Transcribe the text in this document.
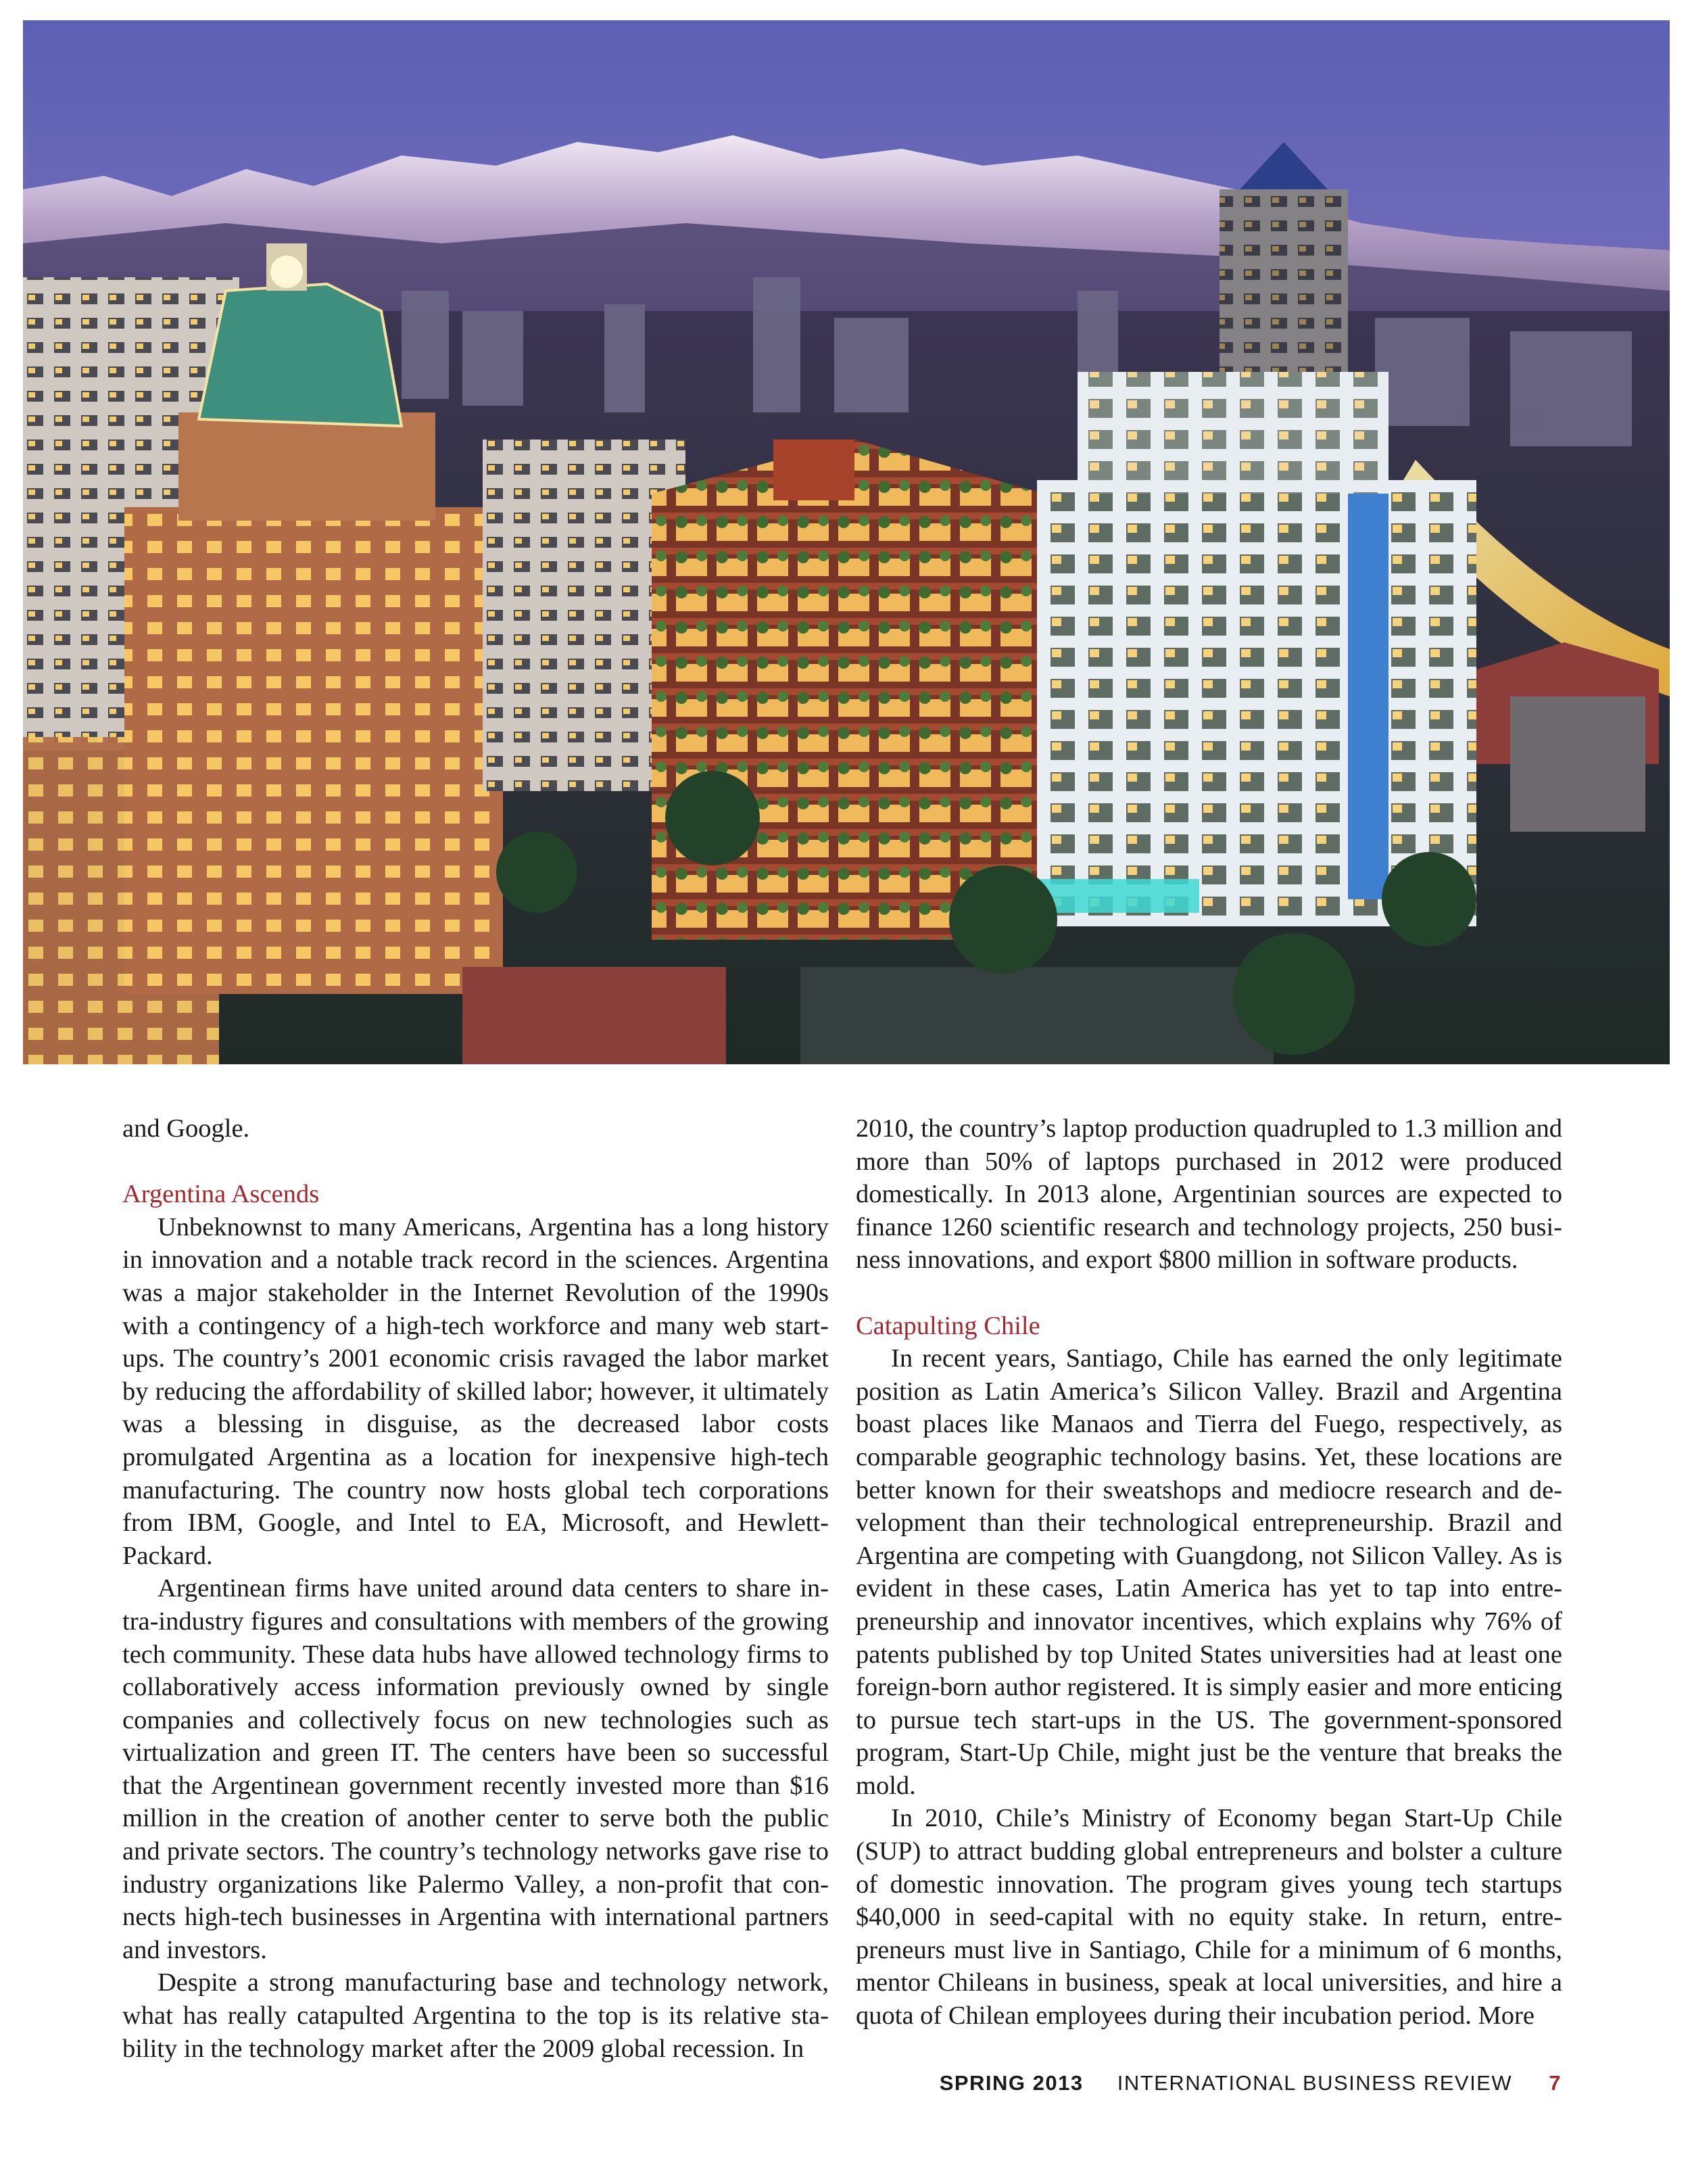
and Google.

Argentina Ascends

Unbeknownst to many Americans, Argentina has a long history in innovation and a notable track record in the sciences. Argentina was a major stakeholder in the Internet Revolution of the 1990s with a contingency of a high-tech workforce and many web startups. The country’s 2001 economic crisis ravaged the labor market by reducing the affordability of skilled labor; however, it ultimately was a blessing in disguise, as the decreased labor costs promulgated Argentina as a location for inexpensive high-tech manufacturing. The country now hosts global tech corporations from IBM, Google, and Intel to EA, Microsoft, and Hewlett-Packard.

Argentinean firms have united around data centers to share intra-industry figures and consultations with members of the growing tech community. These data hubs have allowed technology firms to collaboratively access information previously owned by single companies and collectively focus on new technologies such as virtualization and green IT. The centers have been so successful that the Argentinean government recently invested more than $16 million in the creation of another center to serve both the public and private sectors. The country’s technology networks gave rise to industry organizations like Palermo Valley, a non-profit that connects high-tech businesses in Argentina with international partners and investors.

Despite a strong manufacturing base and technology network, what has really catapulted Argentina to the top is its relative stability in the technology market after the 2009 global recession. In

2010, the country’s laptop production quadrupled to 1.3 million and more than 50% of laptops purchased in 2012 were produced domestically. In 2013 alone, Argentinian sources are expected to finance 1260 scientific research and technology projects, 250 business innovations, and export $800 million in software products.

Catapulting Chile

In recent years, Santiago, Chile has earned the only legitimate position as Latin America’s Silicon Valley. Brazil and Argentina boast places like Manaos and Tierra del Fuego, respectively, as comparable geographic technology basins. Yet, these locations are better known for their sweatshops and mediocre research and development than their technological entrepreneurship. Brazil and Argentina are competing with Guangdong, not Silicon Valley. As is evident in these cases, Latin America has yet to tap into entrepreneurship and innovator incentives, which explains why 76% of patents published by top United States universities had at least one foreign-born author registered. It is simply easier and more enticing to pursue tech start-ups in the US. The government-sponsored program, Start-Up Chile, might just be the venture that breaks the mold.

In 2010, Chile’s Ministry of Economy began Start-Up Chile (SUP) to attract budding global entrepreneurs and bolster a culture of domestic innovation. The program gives young tech startups $40,000 in seed-capital with no equity stake. In return, entrepreneurs must live in Santiago, Chile for a minimum of 6 months, mentor Chileans in business, speak at local universities, and hire a quota of Chilean employees during their incubation period. More

SPRING 2013 INTERNATIONAL BUSINESS REVIEW 7
